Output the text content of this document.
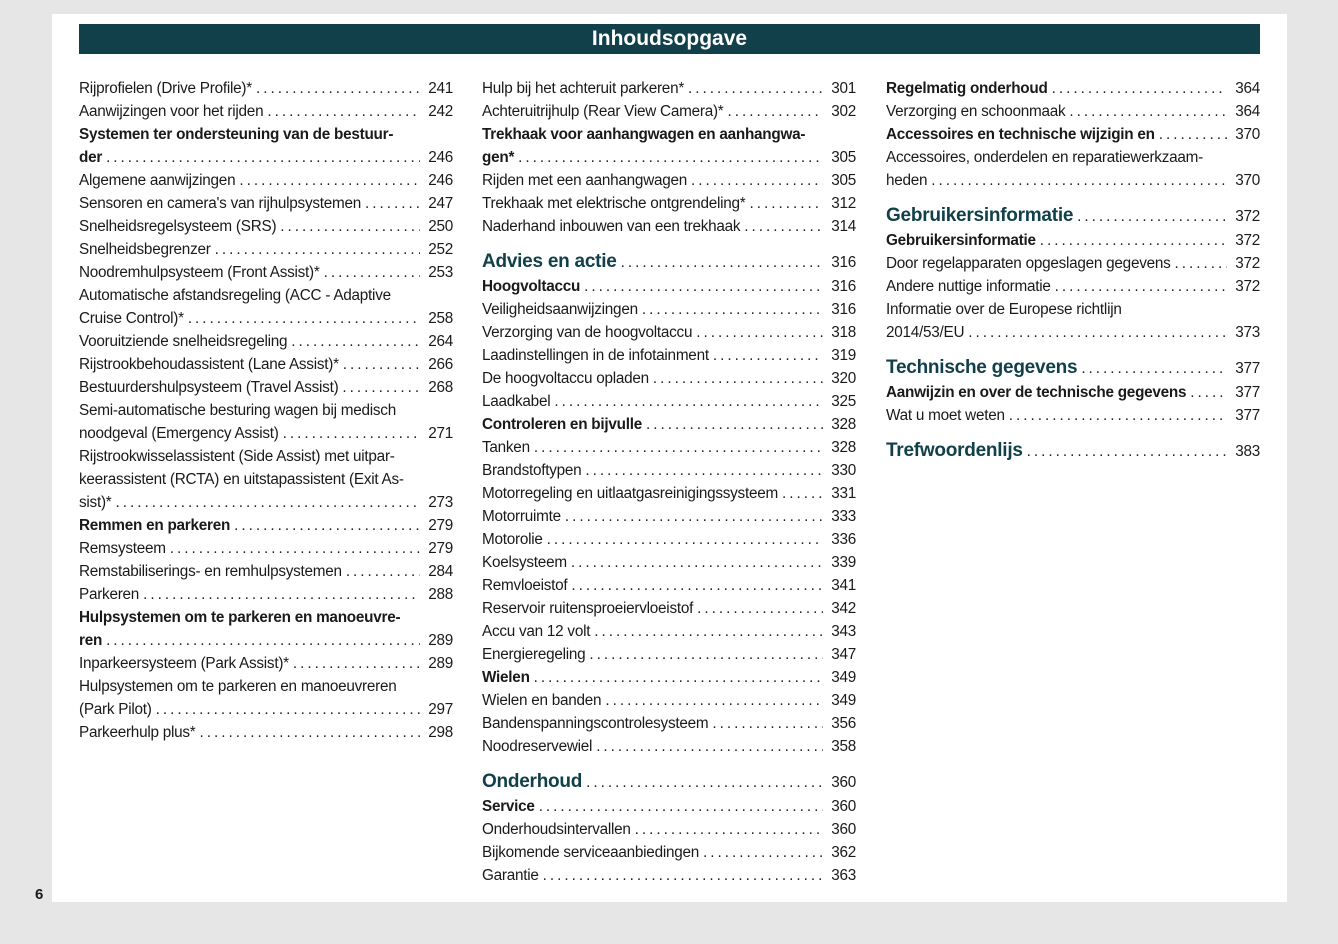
Inhoudsopgave
Rijprofielen (Drive Profile)* .....	241
Aanwijzingen voor het rijden .....	242
Systemen ter ondersteuning van de bestuur-
der .....	246
Algemene aanwijzingen .....	246
Sensoren en camera's van rijhulpsystemen .....	247
Snelheidsregelsysteem (SRS) .....	250
Snelheidsbegrenzer .....	252
Noodremhulpsysteem (Front Assist)* .....	253
Automatische afstandsregeling (ACC - Adaptive
Cruise Control)* .....	258
Vooruitziende snelheidsregeling .....	264
Rijstrookbehoudassistent (Lane Assist)* .....	266
Bestuurdershulpsysteem (Travel Assist) .....	268
Semi-automatische besturing wagen bij medisch
noodgeval (Emergency Assist) .....	271
Rijstrookwisselassistent (Side Assist) met uitpar-
keerassistent (RCTA) en uitstapassistent (Exit As-
sist)* .....	273
Remmen en parkeren .....	279
Remsysteem .....	279
Remstabiliserings- en remhulpsystemen .....	284
Parkeren .....	288
Hulpsystemen om te parkeren en manoeuvre-
ren .....	289
Inparkeersysteem (Park Assist)* .....	289
Hulpsystemen om te parkeren en manoeuvreren
(Park Pilot) .....	297
Parkeerhulp plus* .....	298
Hulp bij het achteruit parkeren* .....	301
Achteruitrijhulp (Rear View Camera)* .....	302
Trekhaak voor aanhangwagen en aanhangwa-
gen* .....	305
Rijden met een aanhangwagen .....	305
Trekhaak met elektrische ontgrendeling* .....	312
Naderhand inbouwen van een trekhaak .....	314
Advies en actie .....	316
Hoogvoltaccu .....	316
Veiligheidsaanwijzingen .....	316
Verzorging van de hoogvoltaccu .....	318
Laadinstellingen in de infotainment .....	319
De hoogvoltaccu opladen .....	320
Laadkabel .....	325
Controleren en bijvulle .....	328
Tanken .....	328
Brandstoftypen .....	330
Motorregeling en uitlaatgasreinigingssysteem .....	331
Motorruimte .....	333
Motorolie .....	336
Koelsysteem .....	339
Remvloeistof .....	341
Reservoir ruitensproeiervloeistof .....	342
Accu van 12 volt .....	343
Energieregeling .....	347
Wielen .....	349
Wielen en banden .....	349
Bandenspanningscontrolesysteem .....	356
Noodreservewiel .....	358
Onderhoud .....	360
Service .....	360
Onderhoudsintervallen .....	360
Bijkomende serviceaanbiedingen .....	362
Garantie .....	363
Regelmatig onderhoud .....	364
Verzorging en schoonmaak .....	364
Accessoires en technische wijzigin en .....	370
Accessoires, onderdelen en reparatiewerkzaam-
heden .....	370
Gebruikersinformatie .....	372
Gebruikersinformatie .....	372
Door regelapparaten opgeslagen gegevens .....	372
Andere nuttige informatie .....	372
Informatie over de Europese richtlijn
2014/53/EU .....	373
Technische gegevens .....	377
Aanwijzin en over de technische gegevens .....	377
Wat u moet weten .....	377
Trefwoordenlijs .....	383
6
